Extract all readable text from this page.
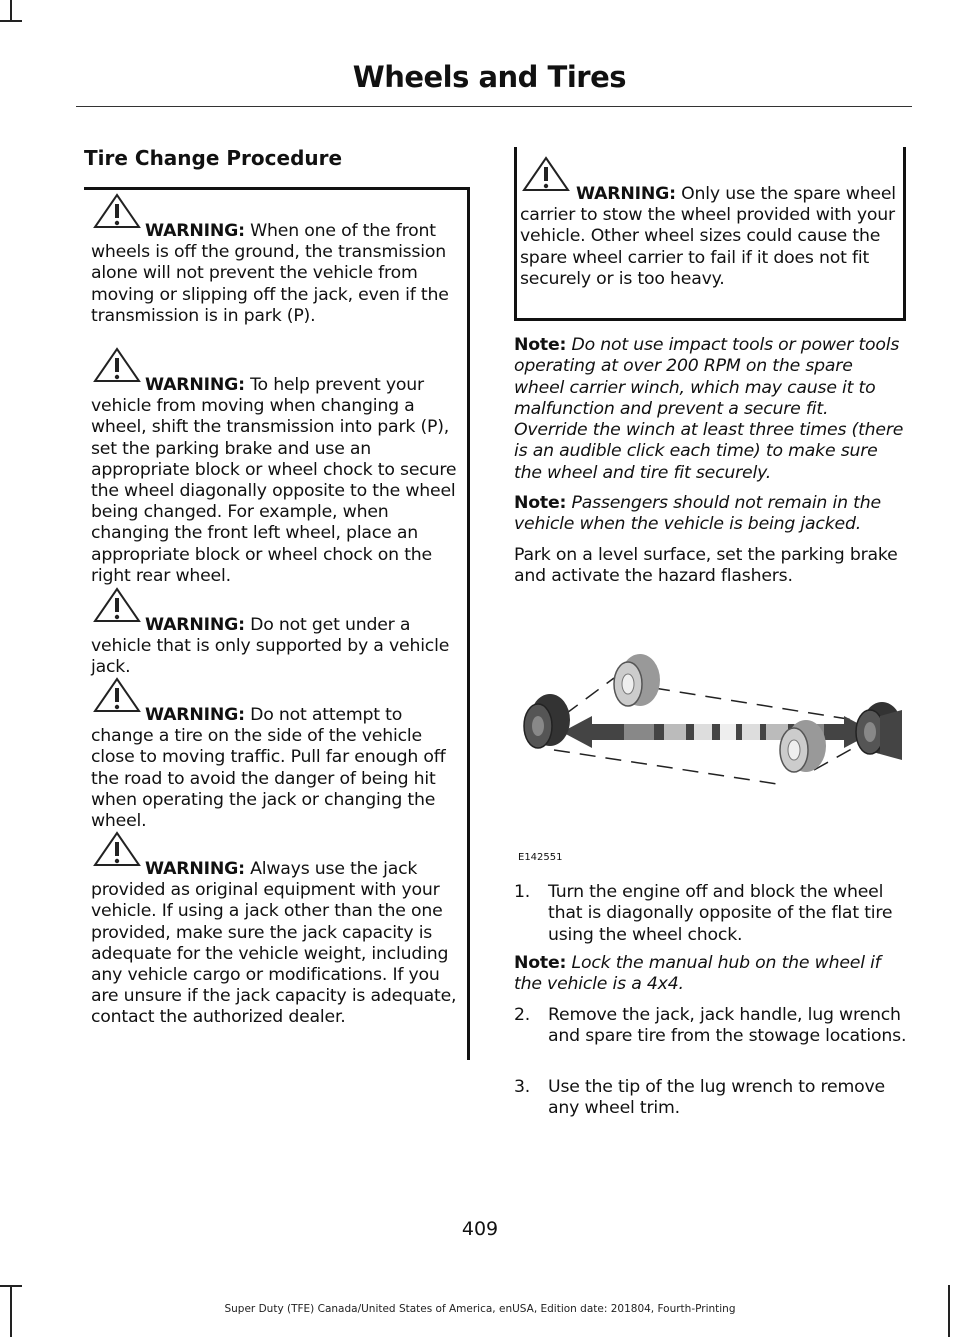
Wheels and Tires
Tire Change Procedure
WARNING: When one of the front wheels is off the ground, the transmission alone will not prevent the vehicle from moving or slipping off the jack, even if the transmission is in park (P).
WARNING: To help prevent your vehicle from moving when changing a wheel, shift the transmission into park (P), set the parking brake and use an appropriate block or wheel chock to secure the wheel diagonally opposite to the wheel being changed. For example, when changing the front left wheel, place an appropriate block or wheel chock on the right rear wheel.
WARNING: Do not get under a vehicle that is only supported by a vehicle jack.
WARNING: Do not attempt to change a tire on the side of the vehicle close to moving traffic. Pull far enough off the road to avoid the danger of being hit when operating the jack or changing the wheel.
WARNING: Always use the jack provided as original equipment with your vehicle. If using a jack other than the one provided, make sure the jack capacity is adequate for the vehicle weight, including any vehicle cargo or modifications. If you are unsure if the jack capacity is adequate, contact the authorized dealer.
WARNING: Only use the spare wheel carrier to stow the wheel provided with your vehicle. Other wheel sizes could cause the spare wheel carrier to fail if it does not fit securely or is too heavy.
Note: Do not use impact tools or power tools operating at over 200 RPM on the spare wheel carrier winch, which may cause it to malfunction and prevent a secure fit. Override the winch at least three times (there is an audible click each time) to make sure the wheel and tire fit securely.
Note: Passengers should not remain in the vehicle when the vehicle is being jacked.
Park on a level surface, set the parking brake and activate the hazard flashers.
E142551
1. Turn the engine off and block the wheel that is diagonally opposite of the flat tire using the wheel chock.
Note: Lock the manual hub on the wheel if the vehicle is a 4x4.
2. Remove the jack, jack handle, lug wrench and spare tire from the stowage locations.
3. Use the tip of the lug wrench to remove any wheel trim.
409
Super Duty (TFE) Canada/United States of America, enUSA, Edition date: 201804, Fourth-Printing
